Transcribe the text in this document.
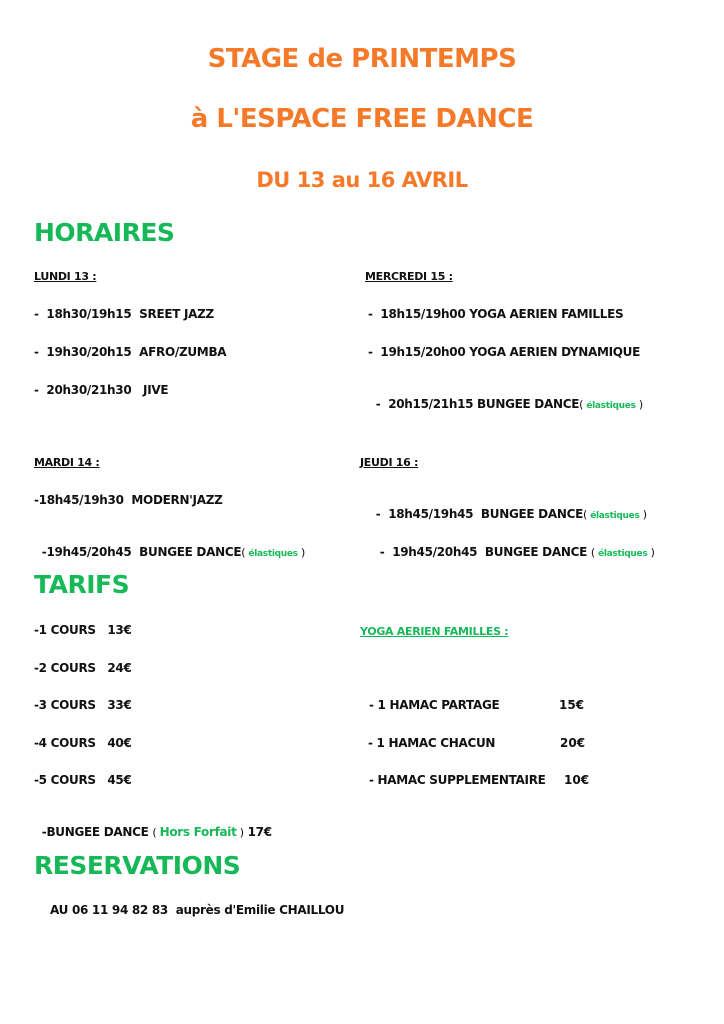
STAGE de PRINTEMPS
à L'ESPACE FREE DANCE
DU 13 au 16 AVRIL
HORAIRES
LUNDI 13 :
-  18h30/19h15  SREET JAZZ
-  19h30/20h15  AFRO/ZUMBA
-  20h30/21h30   JIVE
MERCREDI 15 :
-  18h15/19h00 YOGA AERIEN FAMILLES
-  19h15/20h00 YOGA AERIEN DYNAMIQUE

-  20h15/21h15 BUNGEE DANCE( élastiques )

MARDI 14 :
-18h45/19h30  MODERN'JAZZ

-19h45/20h45  BUNGEE DANCE( élastiques )

JEUDI 16 :

-  18h45/19h45  BUNGEE DANCE( élastiques )

-  19h45/20h45  BUNGEE DANCE ( élastiques )

TARIFS
-1 COURS   13€
-2 COURS   24€
-3 COURS   33€
-4 COURS   40€
-5 COURS   45€

-BUNGEE DANCE ( Hors Forfait ) 17€

YOGA AERIEN FAMILLES :
- 1 HAMAC PARTAGE	15€
- 1 HAMAC CHACUN	20€
- HAMAC SUPPLEMENTAIRE 10€
RESERVATIONS
AU 06 11 94 82 83  auprès d'Emilie CHAILLOU
